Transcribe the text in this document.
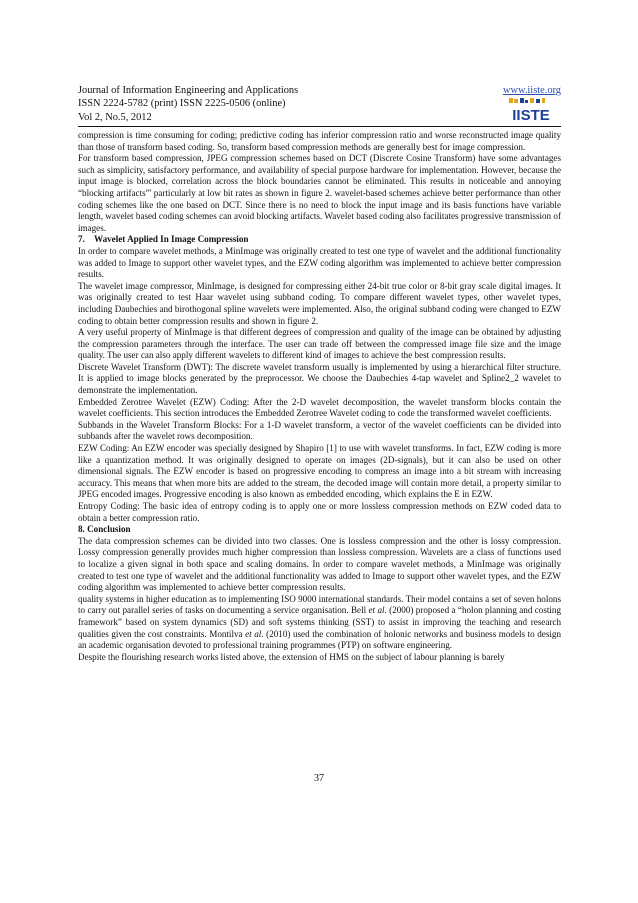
Journal of Information Engineering and Applications
ISSN 2224-5782 (print) ISSN 2225-0506 (online)
Vol 2, No.5, 2012
www.iiste.org
IISTE

compression is time consuming for coding; predictive coding has inferior compression ratio and worse reconstructed image quality than those of transform based coding. So, transform based compression methods are generally best for image compression.

For transform based compression, JPEG compression schemes based on DCT (Discrete Cosine Transform) have some advantages such as simplicity, satisfactory performance, and availability of special purpose hardware for implementation. However, because the input image is blocked, correlation across the block boundaries cannot be eliminated. This results in noticeable and annoying “blocking artifacts”' particularly at low bit rates as shown in figure 2. wavelet-based schemes achieve better performance than other coding schemes like the one based on DCT. Since there is no need to block the input image and its basis functions have variable length, wavelet based coding schemes can avoid blocking artifacts. Wavelet based coding also facilitates progressive transmission of images.

7. Wavelet Applied In Image Compression

In order to compare wavelet methods, a MinImage was originally created to test one type of wavelet and the additional functionality was added to Image to support other wavelet types, and the EZW coding algorithm was implemented to achieve better compression results.

The wavelet image compressor, MinImage, is designed for compressing either 24-bit true color or 8-bit gray scale digital images. It was originally created to test Haar wavelet using subband coding. To compare different wavelet types, other wavelet types, including Daubechies and birothogonal spline wavelets were implemented. Also, the original subband coding were changed to EZW coding to obtain better compression results and shown in figure 2.

A very useful property of MinImage is that different degrees of compression and quality of the image can be obtained by adjusting the compression parameters through the interface. The user can trade off between the compressed image file size and the image quality. The user can also apply different wavelets to different kind of images to achieve the best compression results.

Discrete Wavelet Transform (DWT): The discrete wavelet transform usually is implemented by using a hierarchical filter structure. It is applied to image blocks generated by the preprocessor. We choose the Daubechies 4-tap wavelet and Spline2_2 wavelet to demonstrate the implementation.

Embedded Zerotree Wavelet (EZW) Coding: After the 2-D wavelet decomposition, the wavelet transform blocks contain the wavelet coefficients. This section introduces the Embedded Zerotree Wavelet coding to code the transformed wavelet coefficients.

Subbands in the Wavelet Transform Blocks: For a 1-D wavelet transform, a vector of the wavelet coefficients can be divided into subbands after the wavelet rows decomposition.

EZW Coding: An EZW encoder was specially designed by Shapiro [1] to use with wavelet transforms. In fact, EZW coding is more like a quantization method. It was originally designed to operate on images (2D-signals), but it can also be used on other dimensional signals. The EZW encoder is based on progressive encoding to compress an image into a bit stream with increasing accuracy. This means that when more bits are added to the stream, the decoded image will contain more detail, a property similar to JPEG encoded images. Progressive encoding is also known as embedded encoding, which explains the E in EZW.

Entropy Coding: The basic idea of entropy coding is to apply one or more lossless compression methods on EZW coded data to obtain a better compression ratio.

8. Conclusion

The data compression schemes can be divided into two classes. One is lossless compression and the other is lossy compression. Lossy compression generally provides much higher compression than lossless compression. Wavelets are a class of functions used to localize a given signal in both space and scaling domains. In order to compare wavelet methods, a MinImage was originally created to test one type of wavelet and the additional functionality was added to Image to support other wavelet types, and the EZW coding algorithm was implemented to achieve better compression results.

quality systems in higher education as to implementing ISO 9000 international standards. Their model contains a set of seven holons to carry out parallel series of tasks on documenting a service organisation. Bell et al. (2000) proposed a “holon planning and costing framework” based on system dynamics (SD) and soft systems thinking (SST) to assist in improving the teaching and research qualities given the cost constraints. Montilva et al. (2010) used the combination of holonic networks and business models to design an academic organisation devoted to professional training programmes (PTP) on software engineering.

Despite the flourishing research works listed above, the extension of HMS on the subject of labour planning is barely

37
